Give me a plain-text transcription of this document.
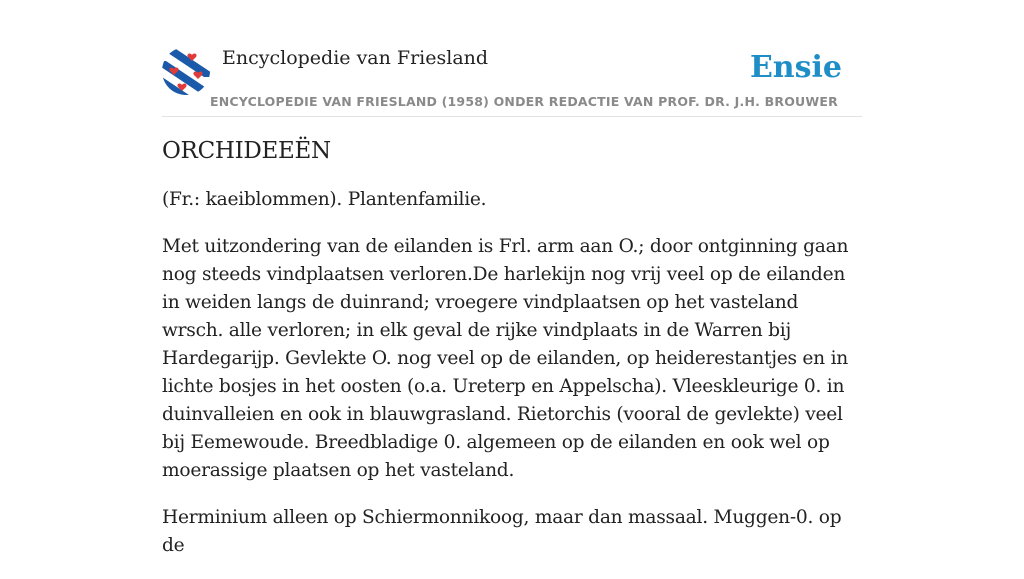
Encyclopedie van Friesland
ENCYCLOPEDIE VAN FRIESLAND (1958) ONDER REDACTIE VAN PROF. DR. J.H. BROUWER
Ensie
ORCHIDEEËN

(Fr.: kaeiblommen). Plantenfamilie.

Met uitzondering van de eilanden is Frl. arm aan O.; door ontginning gaan nog steeds vindplaatsen verloren.De harlekijn nog vrij veel op de eilanden in weiden langs de duinrand; vroegere vindplaatsen op het vasteland wrsch. alle verloren; in elk geval de rijke vindplaats in de Warren bij Hardegarijp. Gevlekte O. nog veel op de eilanden, op heiderestantjes en in lichte bosjes in het oosten (o.a. Ureterp en Appelscha). Vleeskleurige 0. in duinvalleien en ook in blauwgrasland. Rietorchis (vooral de gevlekte) veel bij Eemewoude. Breedbladige 0. algemeen op de eilanden en ook wel op moerassige plaatsen op het vasteland.

Herminium alleen op Schiermonnikoog, maar dan massaal. Muggen-0. op de
